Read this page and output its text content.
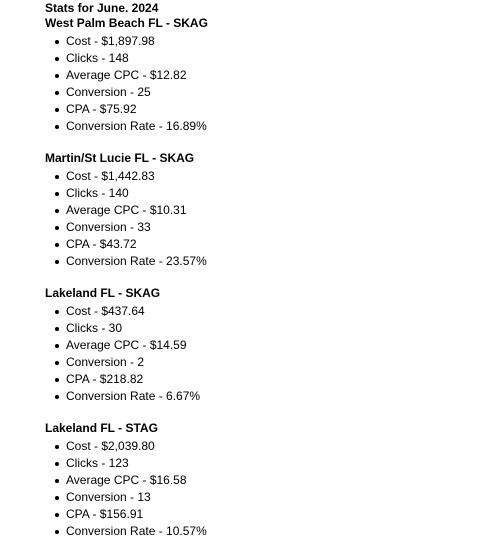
Stats for June. 2024

West Palm Beach FL - SKAG

Cost - $1,897.98
Clicks - 148
Average CPC - $12.82
Conversion - 25
CPA - $75.92
Conversion Rate - 16.89%

Martin/St Lucie FL - SKAG

Cost - $1,442.83
Clicks - 140
Average CPC - $10.31
Conversion - 33
CPA - $43.72
Conversion Rate - 23.57%

Lakeland FL - SKAG

Cost - $437.64
Clicks - 30
Average CPC - $14.59
Conversion - 2
CPA - $218.82
Conversion Rate - 6.67%

Lakeland FL - STAG

Cost - $2,039.80
Clicks - 123
Average CPC - $16.58
Conversion - 13
CPA - $156.91
Conversion Rate - 10.57%
